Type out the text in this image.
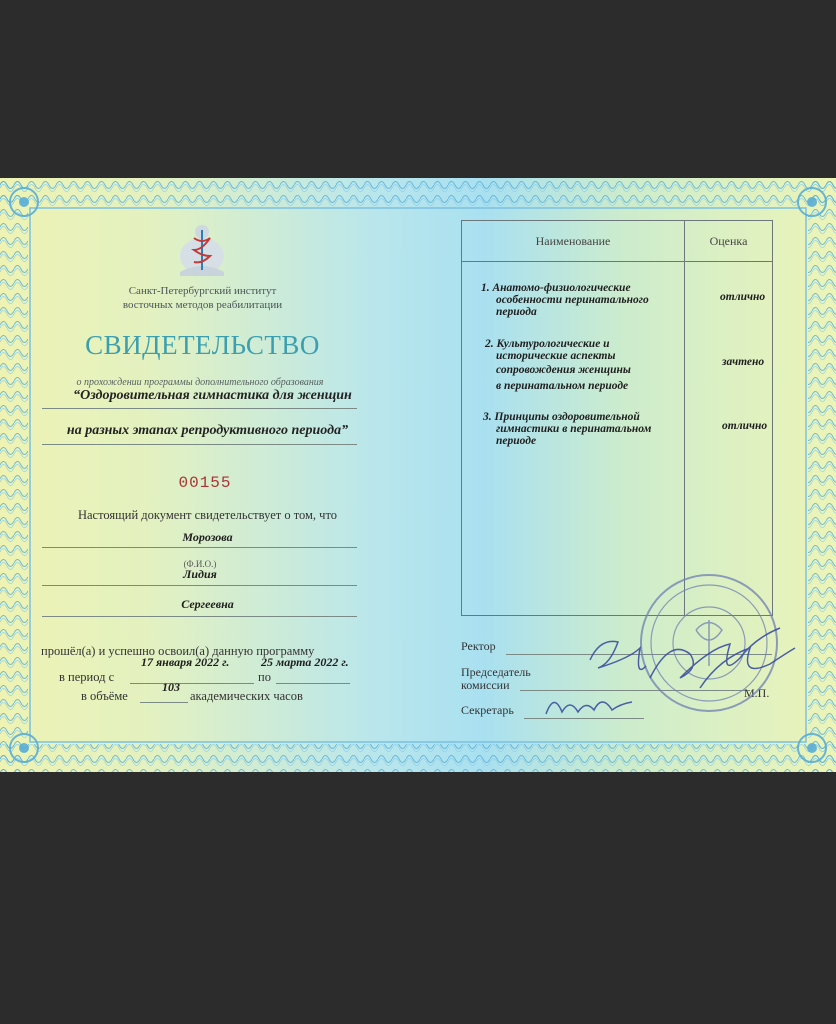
Санкт-Петербургский институт
восточных методов реабилитации
СВИДЕТЕЛЬСТВО
о прохождении программы дополнительного образования
“Оздоровительная гимнастика для женщин
на разных этапах репродуктивного периода”
00155
Настоящий документ свидетельствует о том, что
Морозова
(Ф.И.О.)
Лидия
Сергеевна
прошёл(а) и успешно освоил(а) данную программу
в период с
17 января 2022 г.
по
25 марта 2022 г.
в объёме
103
академических часов
Наименование	Оценка

1. Анатомо-физиологические
особенности перинатального
периода
отлично
2. Культурологические и
исторические аспекты
сопровождения женщины
в перинатальном периоде
зачтено
3. Принципы оздоровительной
гимнастики в перинатальном
периоде
отлично
Ректор
Председатель
комиссии
Секретарь
М.П.
